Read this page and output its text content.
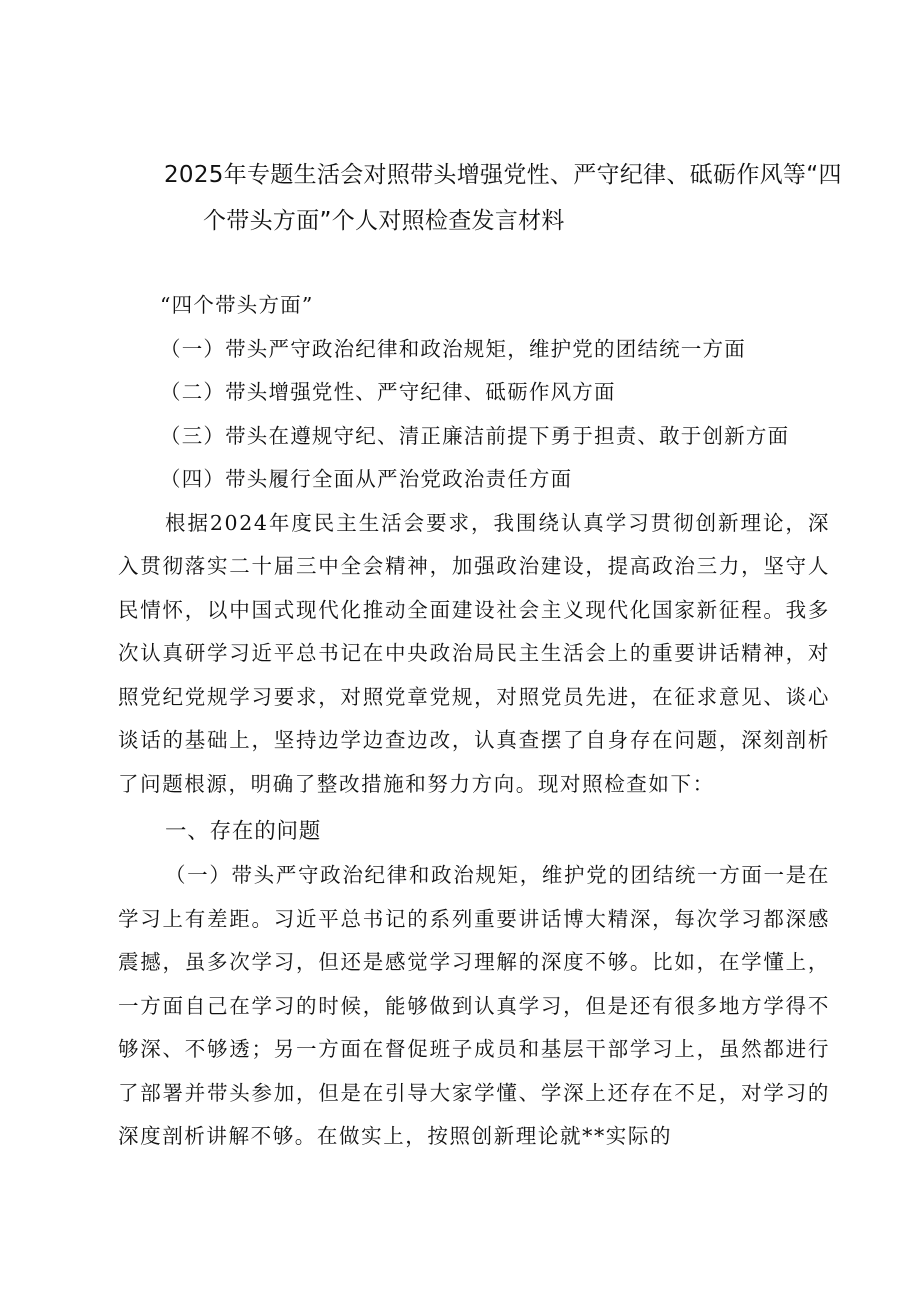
2025年专题生活会对照带头增强党性、严守纪律、砥砺作风等“四
个带头方面”个人对照检查发言材料

“四个带头方面”

（一）带头严守政治纪律和政治规矩，维护党的团结统一方面

（二）带头增强党性、严守纪律、砥砺作风方面

（三）带头在遵规守纪、清正廉洁前提下勇于担责、敢于创新方面

（四）带头履行全面从严治党政治责任方面

根据2024年度民主生活会要求，我围绕认真学习贯彻创新理论，深入贯彻落实二十届三中全会精神，加强政治建设，提高政治三力，坚守人民情怀，以中国式现代化推动全面建设社会主义现代化国家新征程。我多次认真研学习近平总书记在中央政治局民主生活会上的重要讲话精神，对照党纪党规学习要求，对照党章党规，对照党员先进，在征求意见、谈心谈话的基础上，坚持边学边查边改，认真查摆了自身存在问题，深刻剖析了问题根源，明确了整改措施和努力方向。现对照检查如下：

一、存在的问题

（一）带头严守政治纪律和政治规矩，维护党的团结统一方面一是在学习上有差距。习近平总书记的系列重要讲话博大精深，每次学习都深感震撼，虽多次学习，但还是感觉学习理解的深度不够。比如，在学懂上，一方面自己在学习的时候，能够做到认真学习，但是还有很多地方学得不够深、不够透；另一方面在督促班子成员和基层干部学习上，虽然都进行了部署并带头参加，但是在引导大家学懂、学深上还存在不足，对学习的深度剖析讲解不够。在做实上，按照创新理论就**实际的
